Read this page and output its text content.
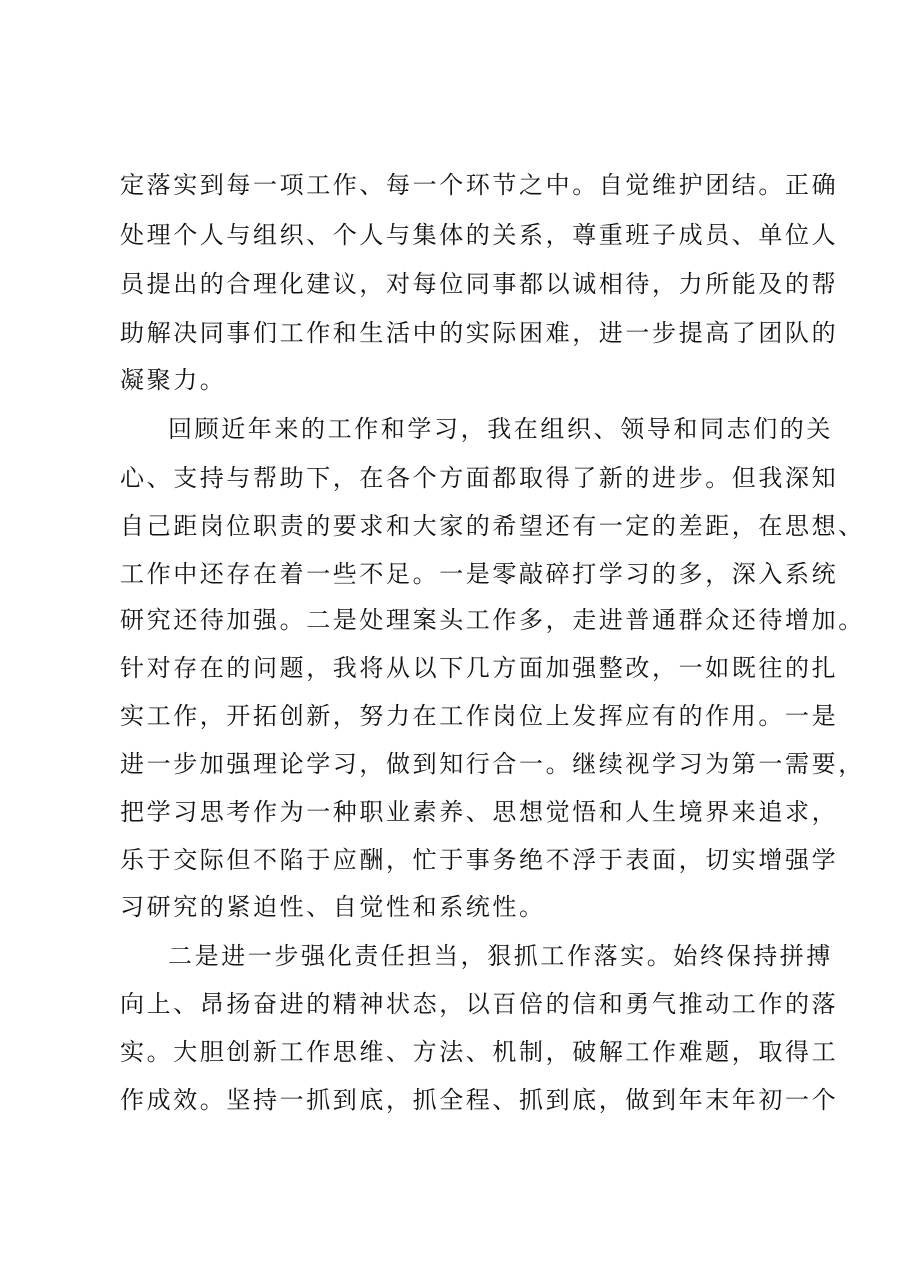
定落实到每一项工作、每一个环节之中。自觉维护团结。正确
处理个人与组织、个人与集体的关系，尊重班子成员、单位人
员提出的合理化建议，对每位同事都以诚相待，力所能及的帮
助解决同事们工作和生活中的实际困难，进一步提高了团队的
凝聚力。
回顾近年来的工作和学习，我在组织、领导和同志们的关
心、支持与帮助下，在各个方面都取得了新的进步。但我深知
自己距岗位职责的要求和大家的希望还有一定的差距，在思想、
工作中还存在着一些不足。一是零敲碎打学习的多，深入系统
研究还待加强。二是处理案头工作多，走进普通群众还待增加。
针对存在的问题，我将从以下几方面加强整改，一如既往的扎
实工作，开拓创新，努力在工作岗位上发挥应有的作用。一是
进一步加强理论学习，做到知行合一。继续视学习为第一需要，
把学习思考作为一种职业素养、思想觉悟和人生境界来追求，
乐于交际但不陷于应酬，忙于事务绝不浮于表面，切实增强学
习研究的紧迫性、自觉性和系统性。
二是进一步强化责任担当，狠抓工作落实。始终保持拼搏
向上、昂扬奋进的精神状态，以百倍的信和勇气推动工作的落
实。大胆创新工作思维、方法、机制，破解工作难题，取得工
作成效。坚持一抓到底，抓全程、抓到底，做到年末年初一个
